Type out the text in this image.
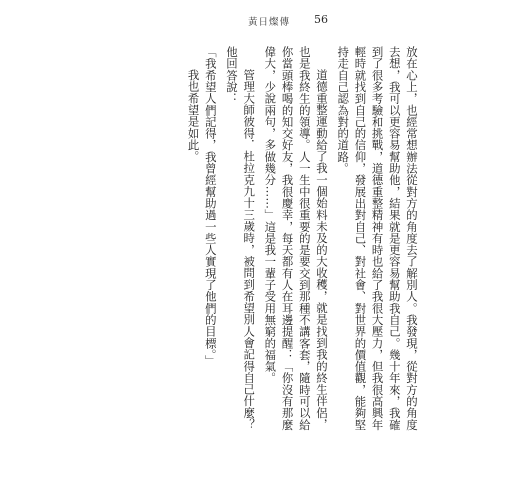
黃日燦傳 56

放在心上，也經常想辦法從對方的角度去了解別人。我發現，從對方的角度去想，我可以更容易幫助他，結果就是更容易幫助我自己。幾十年來，我確到了很多考驗和挑戰，道德重整精神有時也給了我很大壓力，但我很高興年輕時就找到自己的信仰，發展出對自己、對社會、對世界的價值觀，能夠堅持走自己認為對的道路。

道德重整運動給了我一個始料未及的大收穫，就是找到我的終生伴侶，也是我終生的領導。人一生中很重要的是要交到那種不講客套，隨時可以給你當頭棒喝的知交好友，我很慶幸，每天都有人在耳邊提醒：「你沒有那麼偉大，少說兩句，多做幾分……」這是我一輩子受用無窮的福氣。

管理大師彼得．杜拉克九十三歲時，被問到希望別人會記得自己什麼？他回答說：

「我希望人們記得，我曾經幫助過一些人實現了他們的目標。」

我也希望是如此。
